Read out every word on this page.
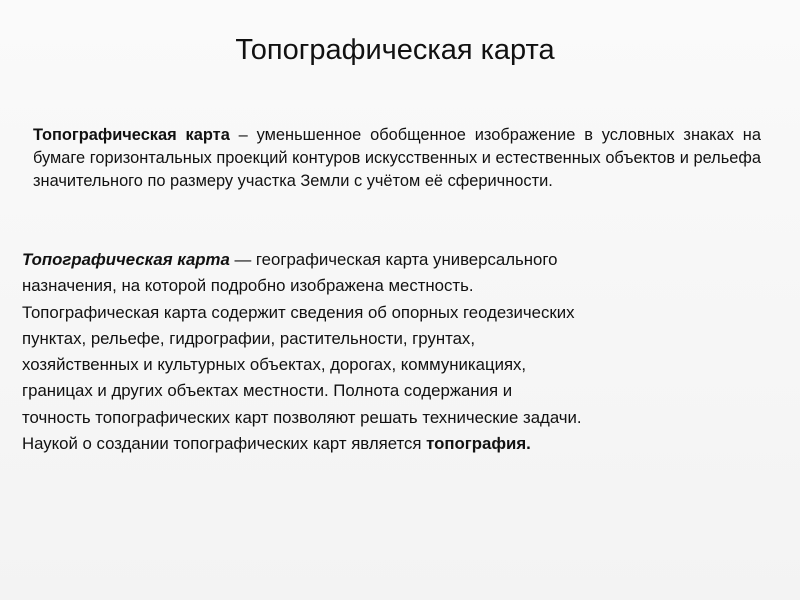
Топографическая карта

Топографическая карта – уменьшенное обобщенное изображение в условных знаках на бумаге горизонтальных проекций контуров искусственных и естественных объектов и рельефа значительного по размеру участка Земли с учётом её сферичности.

Топографическая карта — географическая карта универсального
назначения, на которой подробно изображена местность.
Топографическая карта содержит сведения об опорных геодезических
пунктах, рельефе, гидрографии, растительности, грунтах,
хозяйственных и культурных объектах, дорогах, коммуникациях,
границах и других объектах местности. Полнота содержания и
точность топографических карт позволяют решать технические задачи.
Наукой о создании топографических карт является топография.
